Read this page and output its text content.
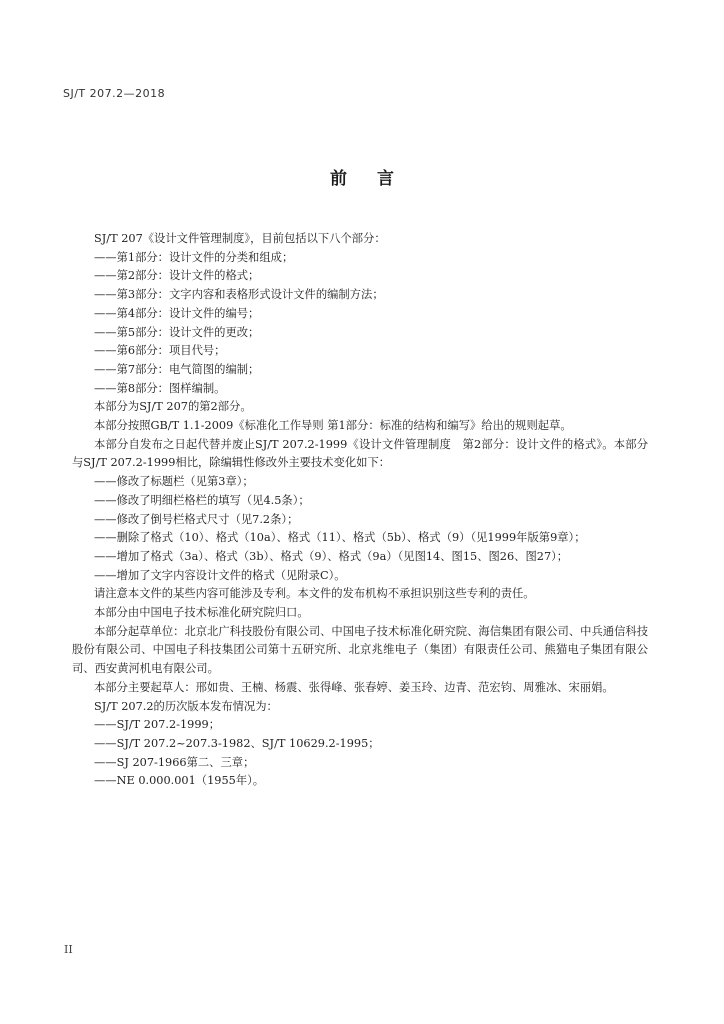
SJ/T 207.2—2018
前 言

SJ/T 207《设计文件管理制度》，目前包括以下八个部分：

——第1部分：设计文件的分类和组成；

——第2部分：设计文件的格式；

——第3部分：文字内容和表格形式设计文件的编制方法；

——第4部分：设计文件的编号；

——第5部分：设计文件的更改；

——第6部分：项目代号；

——第7部分：电气简图的编制；

——第8部分：图样编制。

本部分为SJ/T 207的第2部分。

本部分按照GB/T 1.1-2009《标准化工作导则 第1部分：标准的结构和编写》给出的规则起草。

本部分自发布之日起代替并废止SJ/T 207.2-1999《设计文件管理制度　第2部分：设计文件的格式》。本部分与SJ/T 207.2-1999相比，除编辑性修改外主要技术变化如下：

——修改了标题栏（见第3章）；

——修改了明细栏格栏的填写（见4.5条）；

——修改了倒号栏格式尺寸（见7.2条）；

——删除了格式（10）、格式（10a）、格式（11）、格式（5b）、格式（9）（见1999年版第9章）；

——增加了格式（3a）、格式（3b）、格式（9）、格式（9a）（见图14、图15、图26、图27）；

——增加了文字内容设计文件的格式（见附录C）。

请注意本文件的某些内容可能涉及专利。本文件的发布机构不承担识别这些专利的责任。

本部分由中国电子技术标准化研究院归口。

本部分起草单位：北京北广科技股份有限公司、中国电子技术标准化研究院、海信集团有限公司、中兵通信科技股份有限公司、中国电子科技集团公司第十五研究所、北京兆维电子（集团）有限责任公司、熊猫电子集团有限公司、西安黄河机电有限公司。

本部分主要起草人：邢如贵、王楠、杨震、张得峰、张春婷、姜玉玲、边青、范宏钧、周雅冰、宋丽娟。

SJ/T 207.2的历次版本发布情况为：

——SJ/T 207.2-1999；

——SJ/T 207.2~207.3-1982、SJ/T 10629.2-1995；

——SJ 207-1966第二、三章；

——NE 0.000.001（1955年）。

II
